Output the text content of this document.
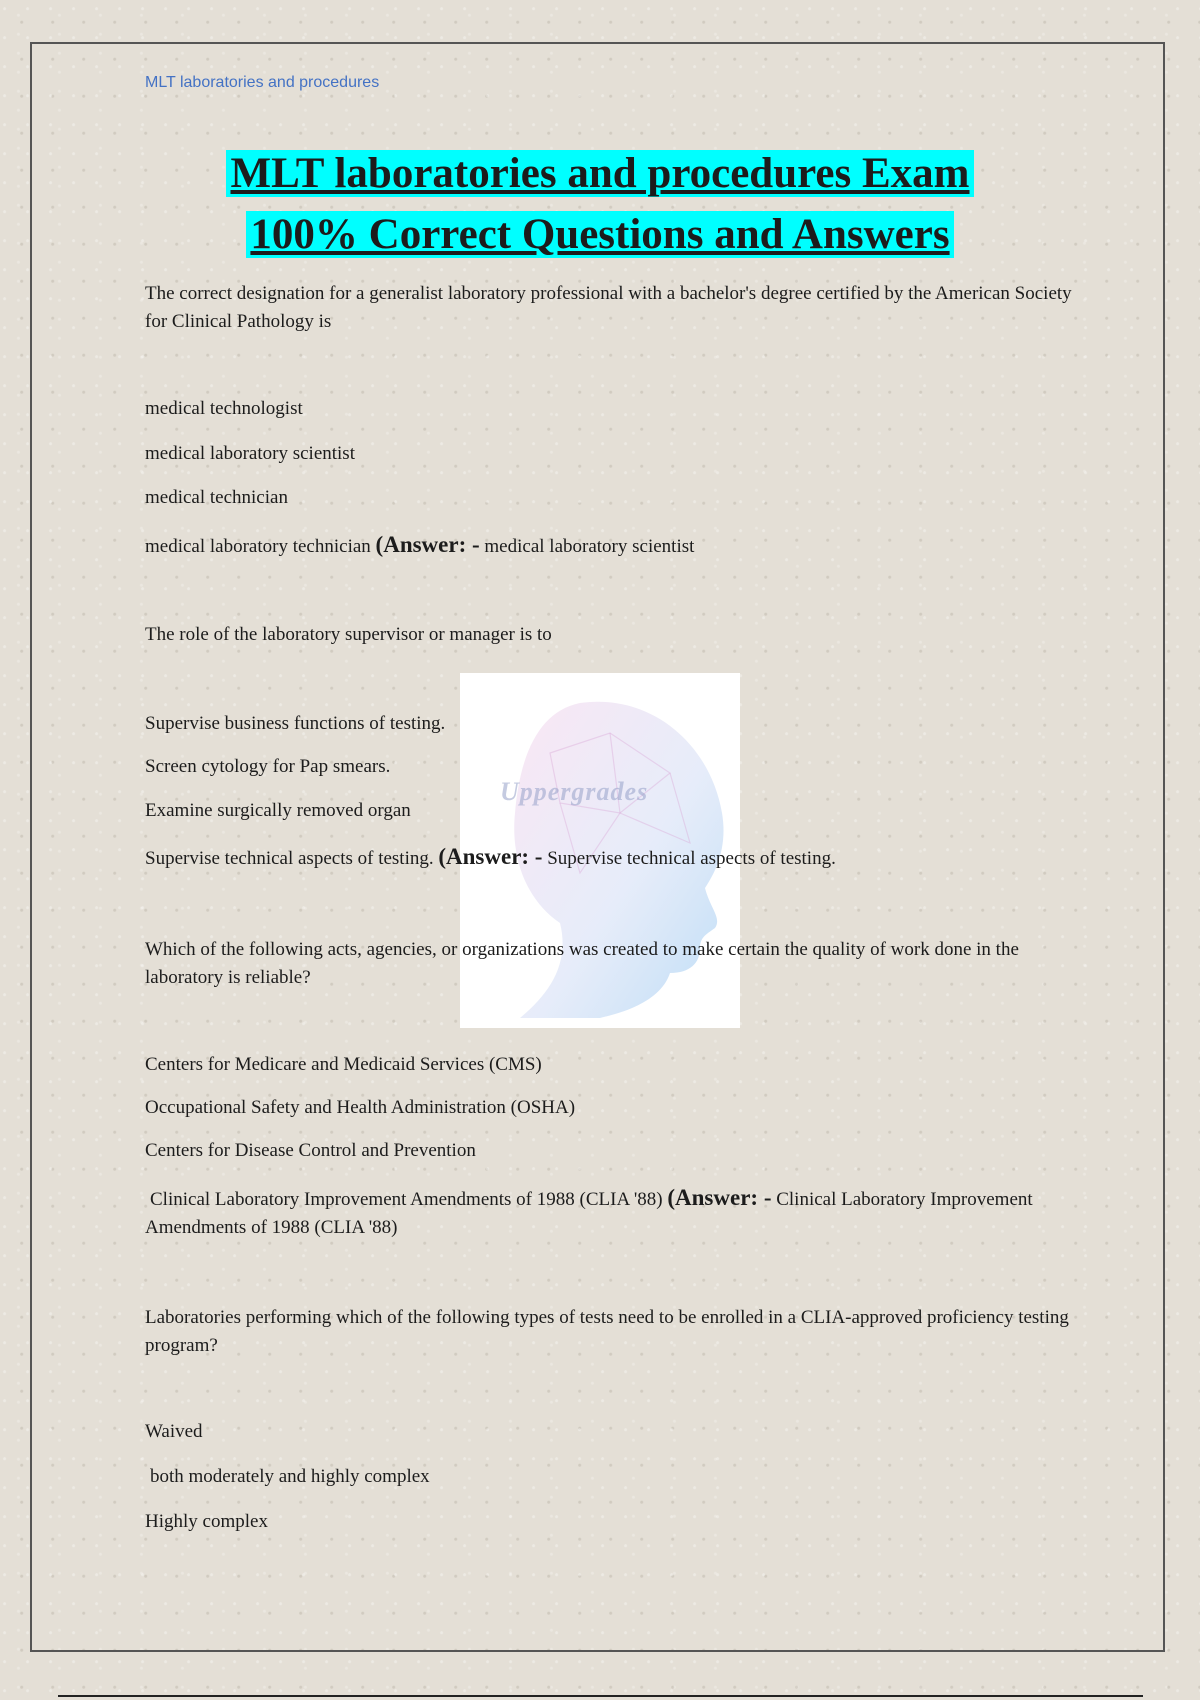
MLT laboratories and procedures
MLT laboratories and procedures Exam
100% Correct Questions and Answers
Uppergrades
The correct designation for a generalist laboratory professional with a bachelor's degree certified by the American Society for Clinical Pathology is
medical technologist
medical laboratory scientist
medical technician
medical laboratory technician (Answer: - medical laboratory scientist
The role of the laboratory supervisor or manager is to
Supervise business functions of testing.
Screen cytology for Pap smears.
Examine surgically removed organ
Supervise technical aspects of testing. (Answer: - Supervise technical aspects of testing.
Which of the following acts, agencies, or organizations was created to make certain the quality of work done in the laboratory is reliable?
Centers for Medicare and Medicaid Services (CMS)
Occupational Safety and Health Administration (OSHA)
Centers for Disease Control and Prevention
Clinical Laboratory Improvement Amendments of 1988 (CLIA '88) (Answer: - Clinical Laboratory Improvement Amendments of 1988 (CLIA '88)
Laboratories performing which of the following types of tests need to be enrolled in a CLIA-approved proficiency testing program?
Waived
both moderately and highly complex
Highly complex
